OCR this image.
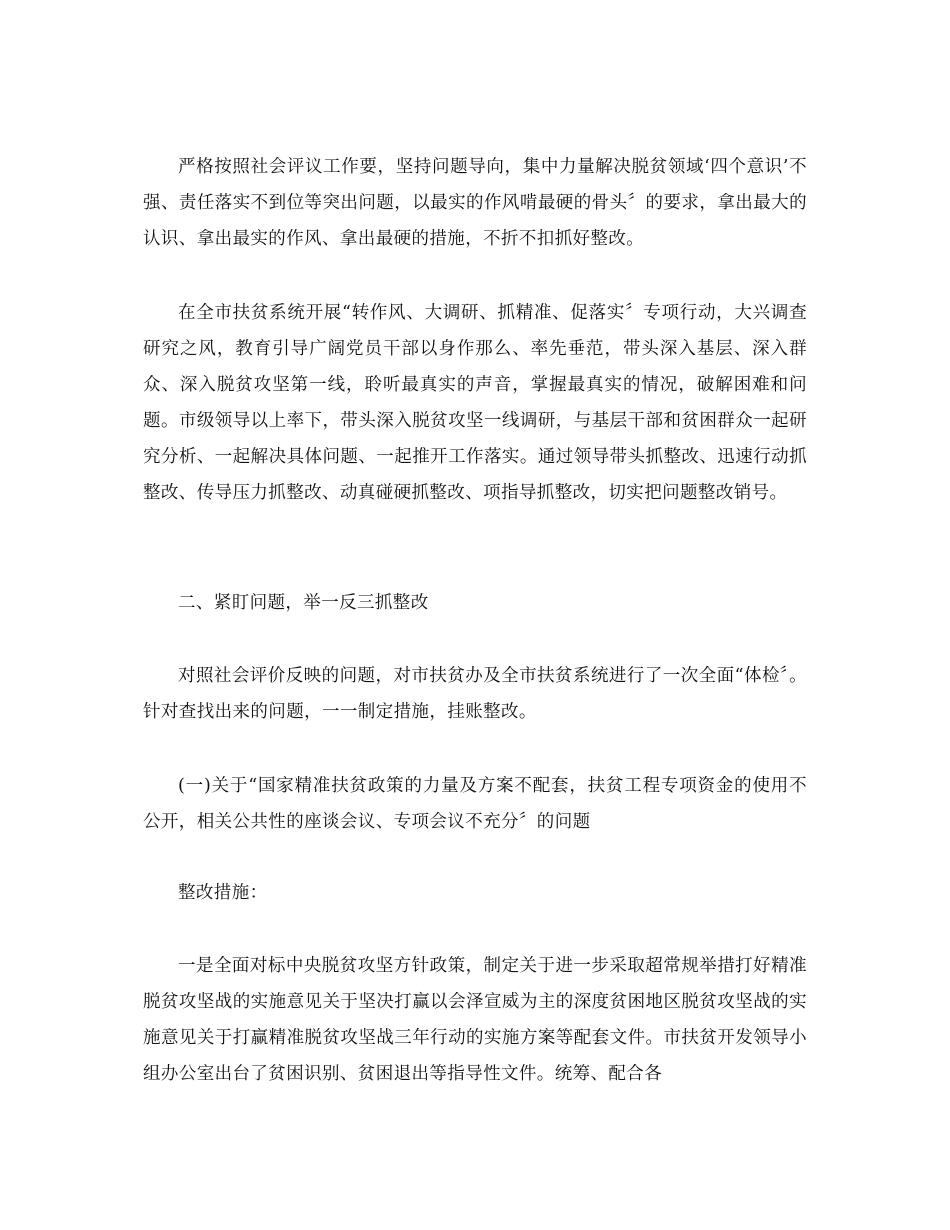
严格按照社会评议工作要，坚持问题导向，集中力量解决脱贫领域‘四个意识’不强、责任落实不到位等突出问题，以最实的作风啃最硬的骨头〞的要求，拿出最大的认识、拿出最实的作风、拿出最硬的措施，不折不扣抓好整改。

在全市扶贫系统开展“转作风、大调研、抓精准、促落实〞专项行动，大兴调查研究之风，教育引导广阔党员干部以身作那么、率先垂范，带头深入基层、深入群众、深入脱贫攻坚第一线，聆听最真实的声音，掌握最真实的情况，破解困难和问题。市级领导以上率下，带头深入脱贫攻坚一线调研，与基层干部和贫困群众一起研究分析、一起解决具体问题、一起推开工作落实。通过领导带头抓整改、迅速行动抓整改、传导压力抓整改、动真碰硬抓整改、项指导抓整改，切实把问题整改销号。

二、紧盯问题，举一反三抓整改

对照社会评价反映的问题，对市扶贫办及全市扶贫系统进行了一次全面“体检〞。针对查找出来的问题，一一制定措施，挂账整改。

(一)关于“国家精准扶贫政策的力量及方案不配套，扶贫工程专项资金的使用不公开，相关公共性的座谈会议、专项会议不充分〞的问题

整改措施：

一是全面对标中央脱贫攻坚方针政策，制定关于进一步采取超常规举措打好精准脱贫攻坚战的实施意见关于坚决打赢以会泽宣威为主的深度贫困地区脱贫攻坚战的实施意见关于打赢精准脱贫攻坚战三年行动的实施方案等配套文件。市扶贫开发领导小组办公室出台了贫困识别、贫困退出等指导性文件。统筹、配合各
